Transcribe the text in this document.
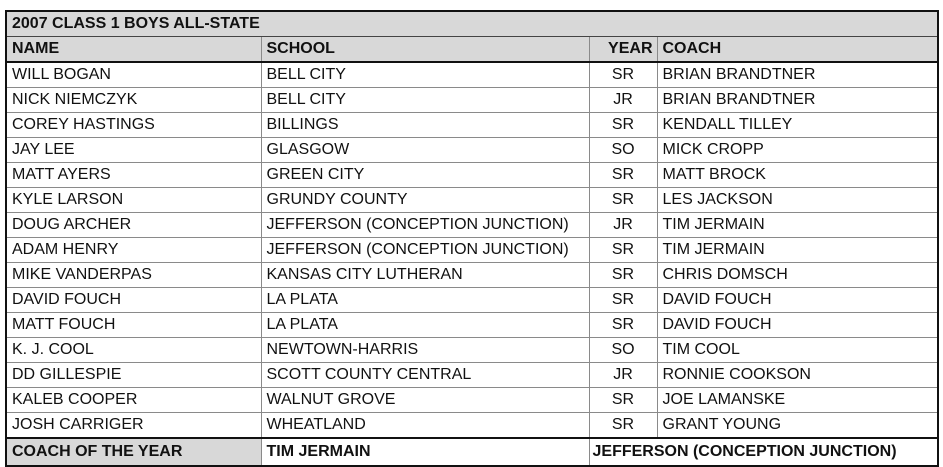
2007 CLASS 1 BOYS ALL-STATE			
NAME	SCHOOL	YEAR	COACH
WILL BOGAN	BELL CITY	SR	BRIAN BRANDTNER
NICK NIEMCZYK	BELL CITY	JR	BRIAN BRANDTNER
COREY HASTINGS	BILLINGS	SR	KENDALL TILLEY
JAY LEE	GLASGOW	SO	MICK CROPP
MATT AYERS	GREEN CITY	SR	MATT BROCK
KYLE LARSON	GRUNDY COUNTY	SR	LES JACKSON
DOUG ARCHER	JEFFERSON (CONCEPTION JUNCTION)	JR	TIM JERMAIN
ADAM HENRY	JEFFERSON (CONCEPTION JUNCTION)	SR	TIM JERMAIN
MIKE VANDERPAS	KANSAS CITY LUTHERAN	SR	CHRIS DOMSCH
DAVID FOUCH	LA PLATA	SR	DAVID FOUCH
MATT FOUCH	LA PLATA	SR	DAVID FOUCH
K. J. COOL	NEWTOWN-HARRIS	SO	TIM COOL
DD GILLESPIE	SCOTT COUNTY CENTRAL	JR	RONNIE COOKSON
KALEB COOPER	WALNUT GROVE	SR	JOE LAMANSKE
JOSH CARRIGER	WHEATLAND	SR	GRANT YOUNG
COACH OF THE YEAR	TIM JERMAIN	JEFFERSON (CONCEPTION JUNCTION)	
